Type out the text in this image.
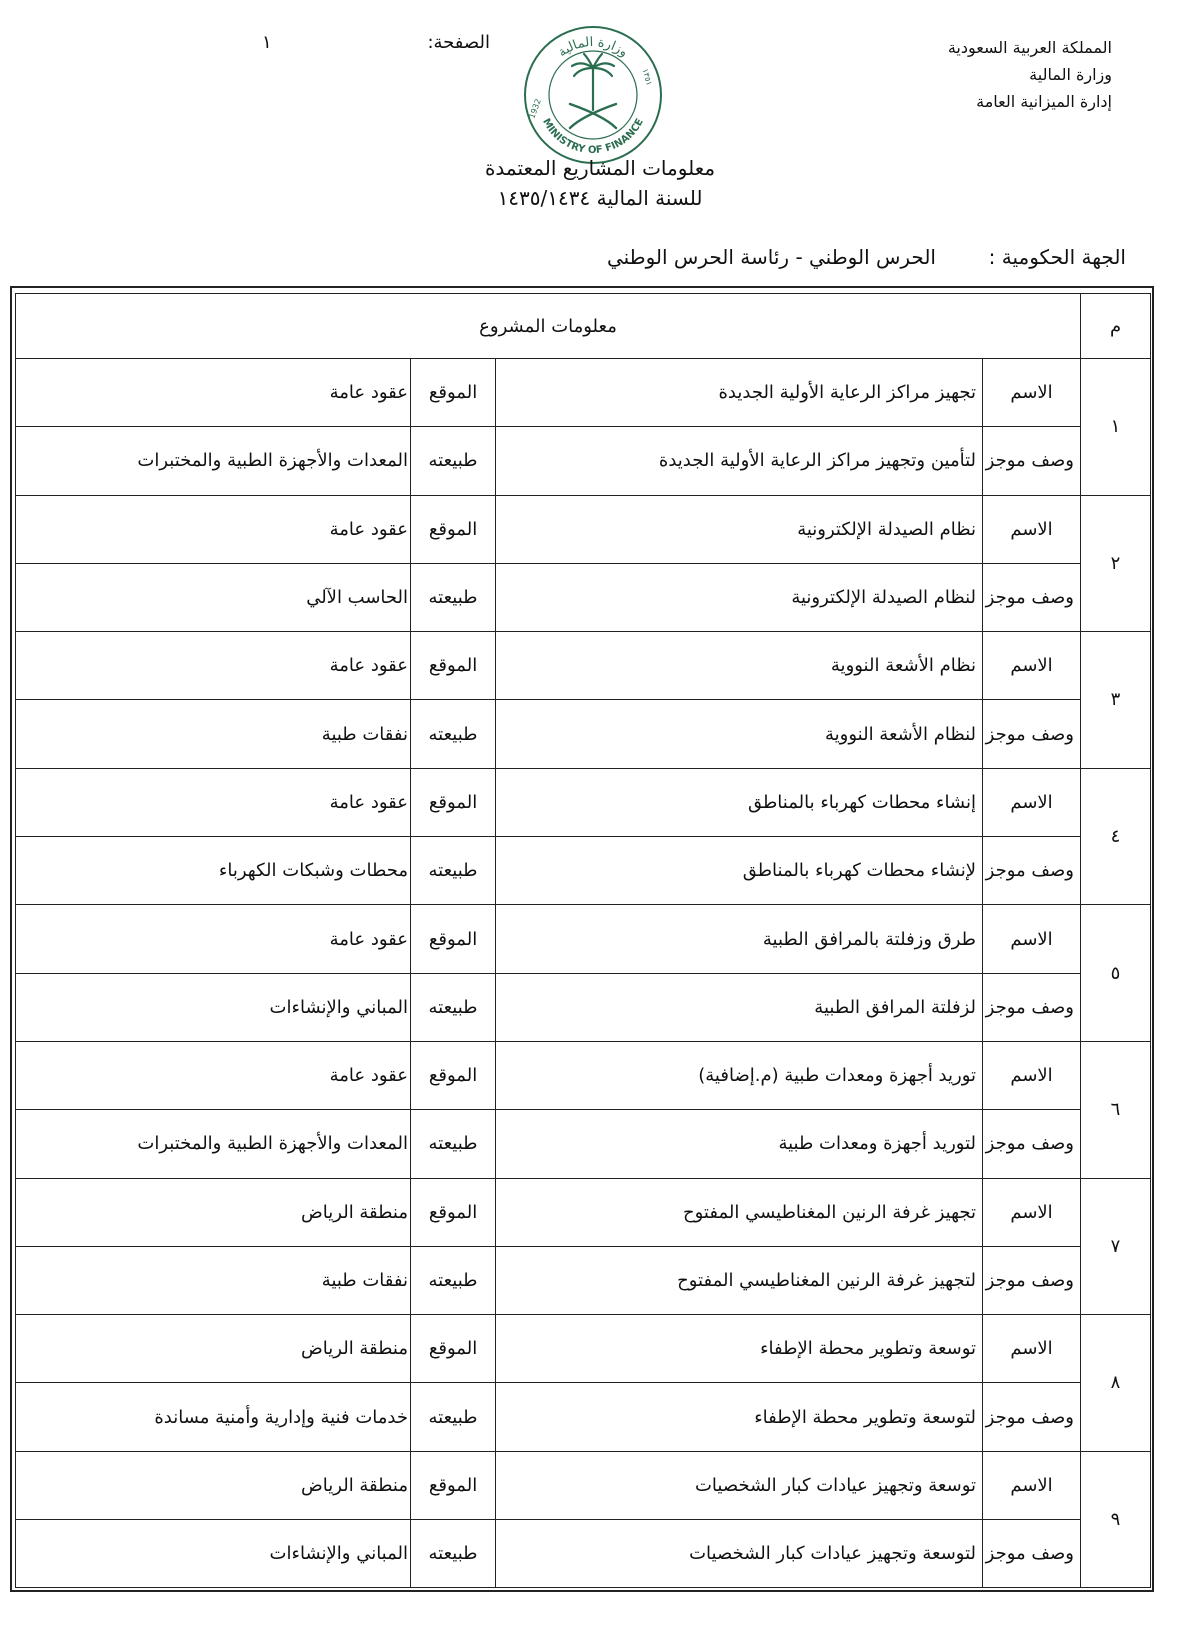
المملكة العربية السعودية
وزارة المالية
إدارة الميزانية العامة
الصفحة:
١	وزارة المالية
MINISTRY OF FINANCE
1932
١٣٥١
معلومات المشاريع المعتمدة
للسنة المالية ١٤٣٥/١٤٣٤
الجهة الحكومية :
الحرس الوطني - رئاسة الحرس الوطني
م	معلومات المشروع			
١	الاسم	تجهيز مراكز الرعاية الأولية الجديدة	الموقع	عقود عامة
	وصف موجز	لتأمين وتجهيز مراكز الرعاية الأولية الجديدة	طبيعته	المعدات والأجهزة الطبية والمختبرات
٢	الاسم	نظام الصيدلة الإلكترونية	الموقع	عقود عامة
	وصف موجز	لنظام الصيدلة الإلكترونية	طبيعته	الحاسب الآلي
٣	الاسم	نظام الأشعة النووية	الموقع	عقود عامة
	وصف موجز	لنظام الأشعة النووية	طبيعته	نفقات طبية
٤	الاسم	إنشاء محطات كهرباء بالمناطق	الموقع	عقود عامة
	وصف موجز	لإنشاء محطات كهرباء بالمناطق	طبيعته	محطات وشبكات الكهرباء
٥	الاسم	طرق وزفلتة بالمرافق الطبية	الموقع	عقود عامة
	وصف موجز	لزفلتة المرافق الطبية	طبيعته	المباني والإنشاءات
٦	الاسم	توريد أجهزة ومعدات طبية (م.إضافية)	الموقع	عقود عامة
	وصف موجز	لتوريد أجهزة ومعدات طبية	طبيعته	المعدات والأجهزة الطبية والمختبرات
٧	الاسم	تجهيز غرفة الرنين المغناطيسي المفتوح	الموقع	منطقة الرياض
	وصف موجز	لتجهيز غرفة الرنين المغناطيسي المفتوح	طبيعته	نفقات طبية
٨	الاسم	توسعة وتطوير محطة الإطفاء	الموقع	منطقة الرياض
	وصف موجز	لتوسعة وتطوير محطة الإطفاء	طبيعته	خدمات فنية وإدارية وأمنية مساندة
٩	الاسم	توسعة وتجهيز عيادات كبار الشخصيات	الموقع	منطقة الرياض
	وصف موجز	لتوسعة وتجهيز عيادات كبار الشخصيات	طبيعته	المباني والإنشاءات
